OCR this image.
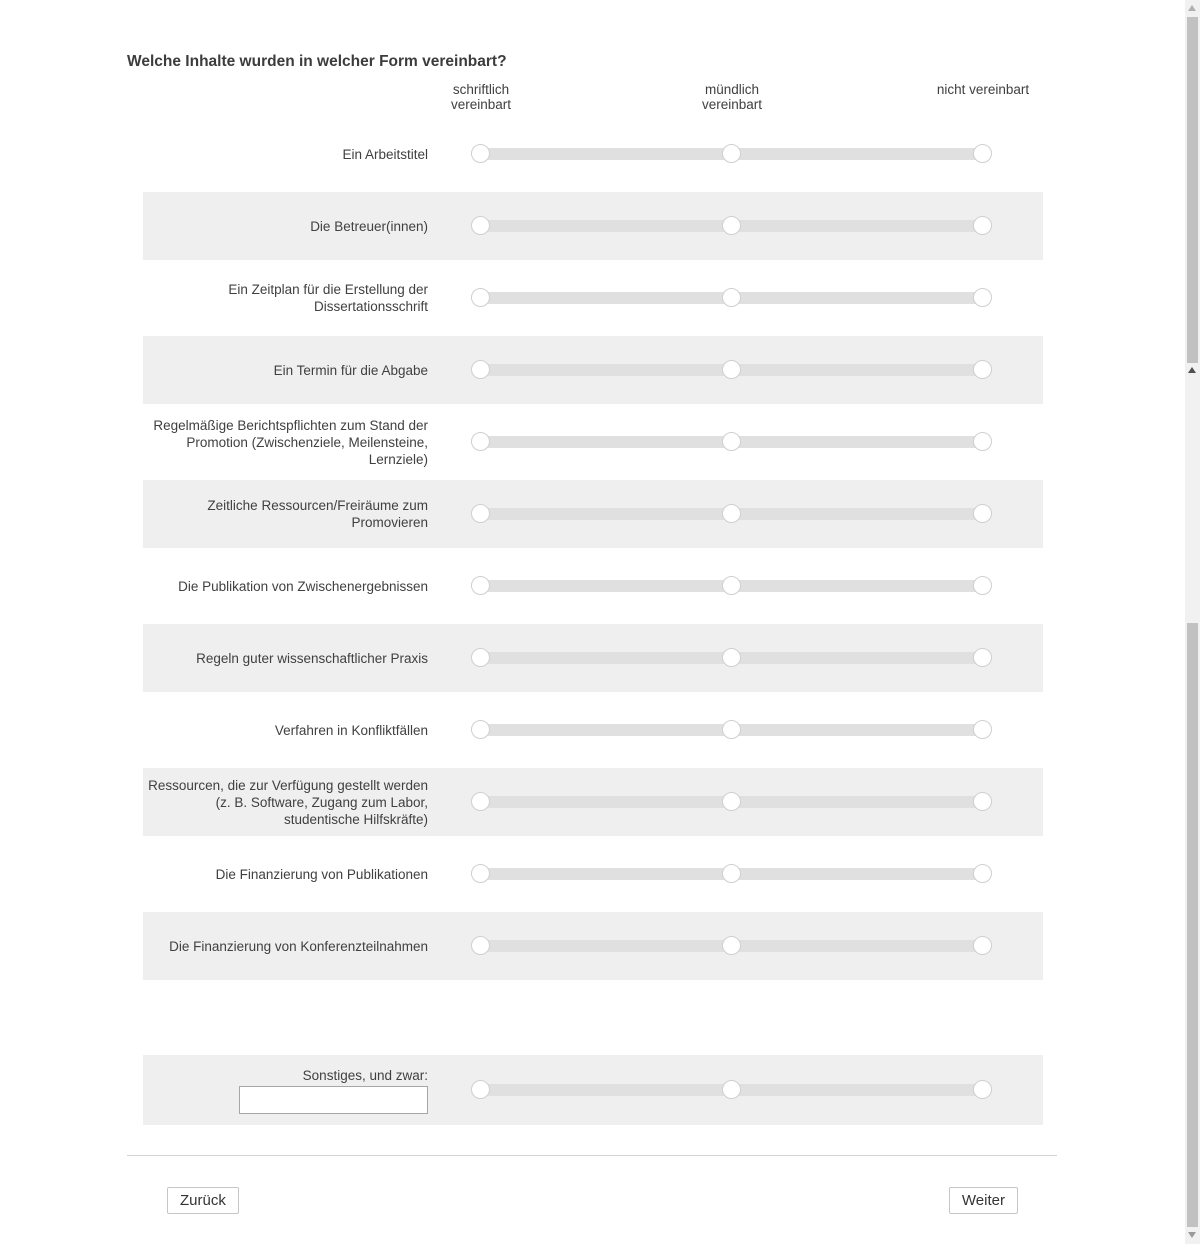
Welche Inhalte wurden in welcher Form vereinbart?
schriftlich
vereinbart
mündlich
vereinbart
nicht vereinbart
Ein Arbeitstitel
Die Betreuer(innen)
Ein Zeitplan für die Erstellung der Dissertationsschrift
Ein Termin für die Abgabe
Regelmäßige Berichtspflichten zum Stand der Promotion (Zwischenziele, Meilensteine, Lernziele)
Zeitliche Ressourcen/Freiräume zum Promovieren
Die Publikation von Zwischenergebnissen
Regeln guter wissenschaftlicher Praxis
Verfahren in Konfliktfällen
Ressourcen, die zur Verfügung gestellt werden (z. B. Software, Zugang zum Labor, studentische Hilfskräfte)
Die Finanzierung von Publikationen
Die Finanzierung von Konferenzteilnahmen
Sonstiges, und zwar:
Zurück	Weiter
